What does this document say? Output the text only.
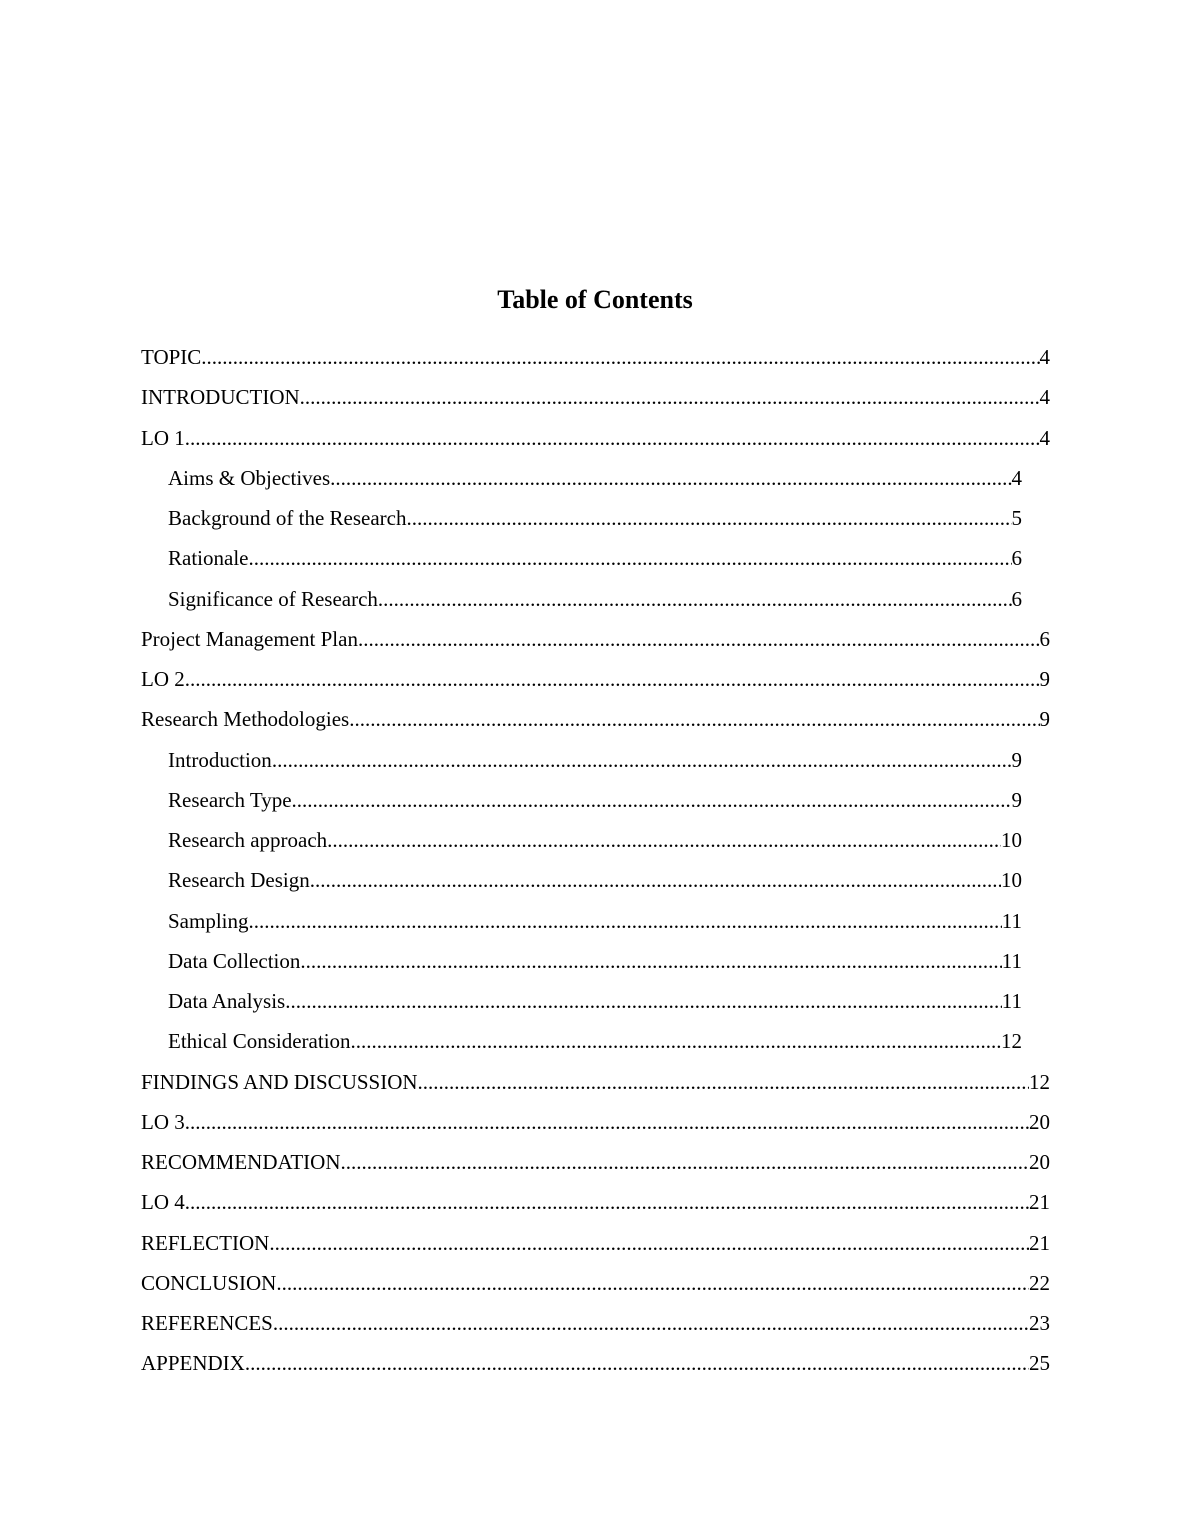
Table of Contents
TOPIC .....	4
INTRODUCTION .....	4
LO 1 .....	4
Aims & Objectives .....	4
Background of the Research .....	5
Rationale .....	6
Significance of Research .....	6
Project Management Plan .....	6
LO 2 .....	9
Research Methodologies .....	9
Introduction .....	9
Research Type .....	9
Research approach .....	10
Research Design .....	10
Sampling .....	11
Data Collection .....	11
Data Analysis .....	11
Ethical Consideration .....	12
FINDINGS AND DISCUSSION .....	12
LO 3 .....	20
RECOMMENDATION .....	20
LO 4 .....	21
REFLECTION .....	21
CONCLUSION .....	22
REFERENCES .....	23
APPENDIX .....	25
